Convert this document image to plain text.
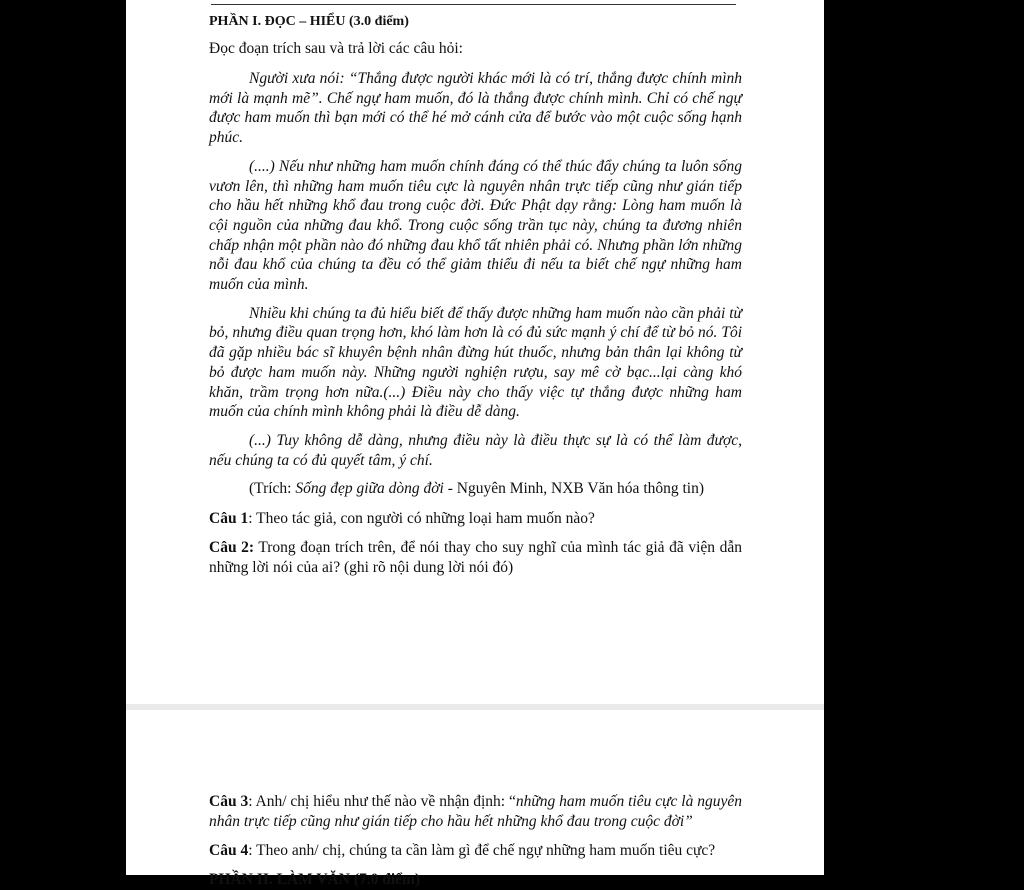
PHẦN I. ĐỌC – HIỂU (3.0 điểm)

Đọc đoạn trích sau và trả lời các câu hỏi:

Người xưa nói: “Thắng được người khác mới là có trí, thắng được chính mình mới là mạnh mẽ”. Chế ngự ham muốn, đó là thắng được chính mình. Chỉ có chế ngự được ham muốn thì bạn mới có thể hé mở cánh cửa để bước vào một cuộc sống hạnh phúc.

(....) Nếu như những ham muốn chính đáng có thể thúc đẩy chúng ta luôn sống vươn lên, thì những ham muốn tiêu cực là nguyên nhân trực tiếp cũng như gián tiếp cho hầu hết những khổ đau trong cuộc đời. Đức Phật dạy rằng: Lòng ham muốn là cội nguồn của những đau khổ. Trong cuộc sống trần tục này, chúng ta đương nhiên chấp nhận một phần nào đó những đau khổ tất nhiên phải có. Nhưng phần lớn những nỗi đau khổ của chúng ta đều có thể giảm thiểu đi nếu ta biết chế ngự những ham muốn của mình.

Nhiều khi chúng ta đủ hiểu biết để thấy được những ham muốn nào cần phải từ bỏ, nhưng điều quan trọng hơn, khó làm hơn là có đủ sức mạnh ý chí để từ bỏ nó. Tôi đã gặp nhiều bác sĩ khuyên bệnh nhân đừng hút thuốc, nhưng bản thân lại không từ bỏ được ham muốn này. Những người nghiện rượu, say mê cờ bạc...lại càng khó khăn, trầm trọng hơn nữa.(...) Điều này cho thấy việc tự thắng được những ham muốn của chính mình không phải là điều dễ dàng.

(...) Tuy không dễ dàng, nhưng điều này là điều thực sự là có thể làm được, nếu chúng ta có đủ quyết tâm, ý chí.

(Trích: Sống đẹp giữa dòng đời - Nguyên Minh, NXB Văn hóa thông tin)

Câu 1: Theo tác giả, con người có những loại ham muốn nào?

Câu 2: Trong đoạn trích trên, để nói thay cho suy nghĩ của mình tác giả đã viện dẫn những lời nói của ai? (ghi rõ nội dung lời nói đó)

Câu 3: Anh/ chị hiểu như thế nào về nhận định: “những ham muốn tiêu cực là nguyên nhân trực tiếp cũng như gián tiếp cho hầu hết những khổ đau trong cuộc đời”

Câu 4: Theo anh/ chị, chúng ta cần làm gì để chế ngự những ham muốn tiêu cực?

PHẦN II. LÀM VĂN (7.0 điểm)
